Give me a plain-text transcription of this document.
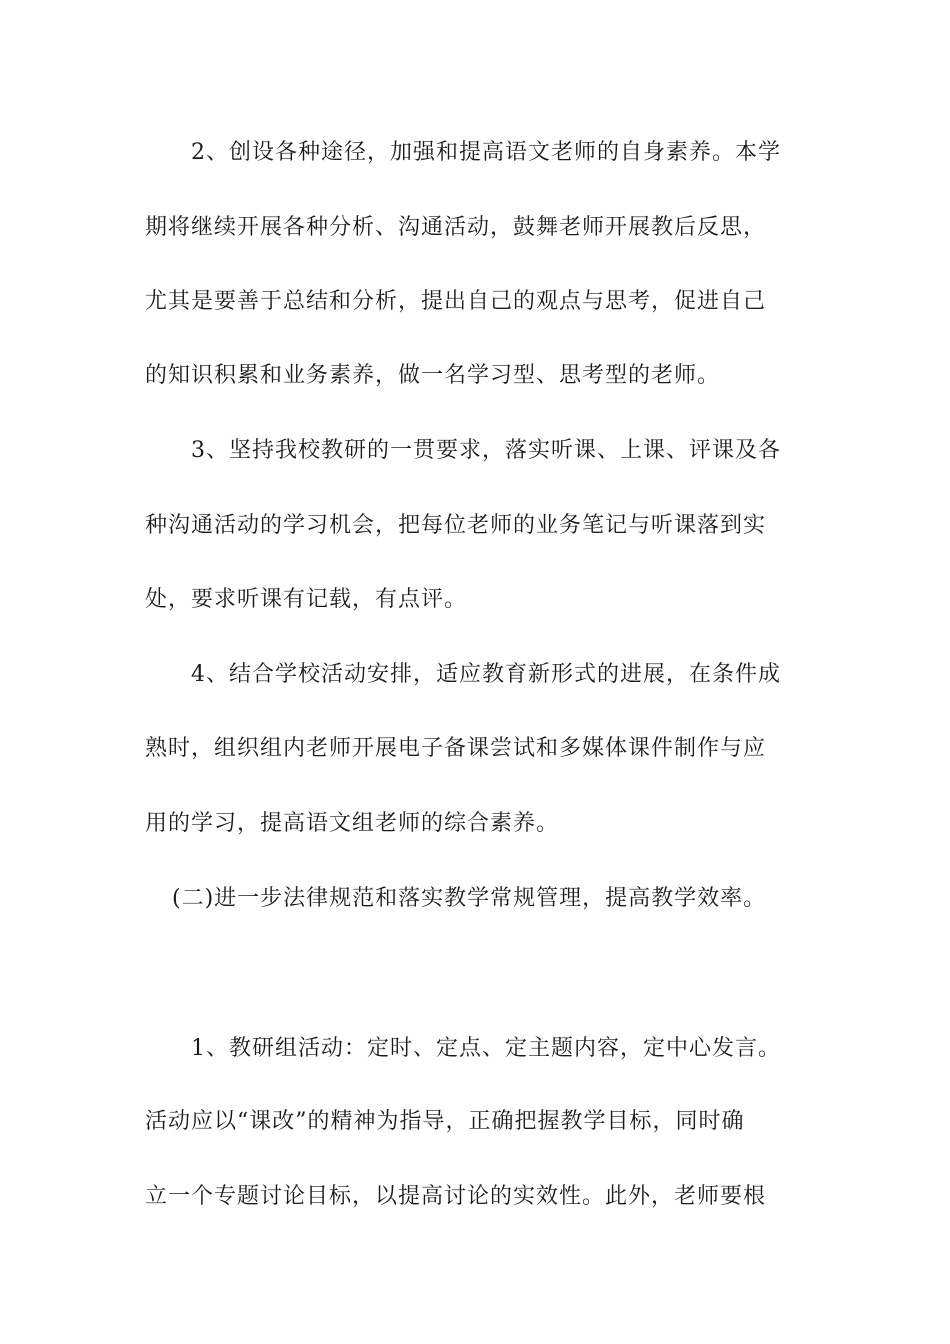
2、创设各种途径，加强和提高语文老师的自身素养。本学

期将继续开展各种分析、沟通活动，鼓舞老师开展教后反思，

尤其是要善于总结和分析，提出自己的观点与思考，促进自己

的知识积累和业务素养，做一名学习型、思考型的老师。

3、坚持我校教研的一贯要求，落实听课、上课、评课及各

种沟通活动的学习机会，把每位老师的业务笔记与听课落到实

处，要求听课有记载，有点评。

4、结合学校活动安排，适应教育新形式的进展，在条件成

熟时，组织组内老师开展电子备课尝试和多媒体课件制作与应

用的学习，提高语文组老师的综合素养。

(二)进一步法律规范和落实教学常规管理，提高教学效率。

1、教研组活动：定时、定点、定主题内容，定中心发言。

活动应以“课改”的精神为指导，正确把握教学目标，同时确

立一个专题讨论目标，以提高讨论的实效性。此外，老师要根
